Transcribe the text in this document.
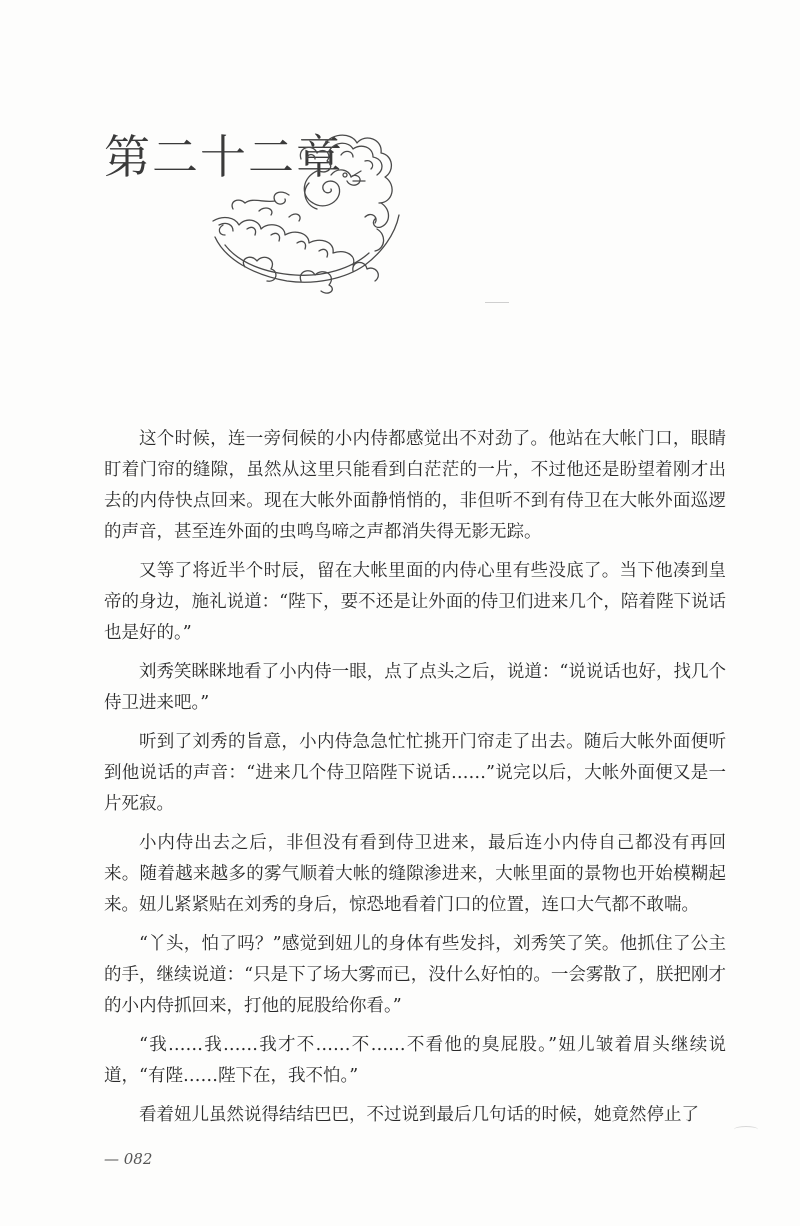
第二十二章

这个时候，连一旁伺候的小内侍都感觉出不对劲了。他站在大帐门口，眼睛盯着门帘的缝隙，虽然从这里只能看到白茫茫的一片，不过他还是盼望着刚才出去的内侍快点回来。现在大帐外面静悄悄的，非但听不到有侍卫在大帐外面巡逻的声音，甚至连外面的虫鸣鸟啼之声都消失得无影无踪。

又等了将近半个时辰，留在大帐里面的内侍心里有些没底了。当下他凑到皇帝的身边，施礼说道：“陛下，要不还是让外面的侍卫们进来几个，陪着陛下说话也是好的。”

刘秀笑眯眯地看了小内侍一眼，点了点头之后，说道：“说说话也好，找几个侍卫进来吧。”

听到了刘秀的旨意，小内侍急急忙忙挑开门帘走了出去。随后大帐外面便听到他说话的声音：“进来几个侍卫陪陛下说话……”说完以后，大帐外面便又是一片死寂。

小内侍出去之后，非但没有看到侍卫进来，最后连小内侍自己都没有再回来。随着越来越多的雾气顺着大帐的缝隙渗进来，大帐里面的景物也开始模糊起来。妞儿紧紧贴在刘秀的身后，惊恐地看着门口的位置，连口大气都不敢喘。

“丫头，怕了吗？”感觉到妞儿的身体有些发抖，刘秀笑了笑。他抓住了公主的手，继续说道：“只是下了场大雾而已，没什么好怕的。一会雾散了，朕把刚才的小内侍抓回来，打他的屁股给你看。”

“我……我……我才不……不……不看他的臭屁股。”妞儿皱着眉头继续说道，“有陛……陛下在，我不怕。”

看着妞儿虽然说得结结巴巴，不过说到最后几句话的时候，她竟然停止了

— 082
